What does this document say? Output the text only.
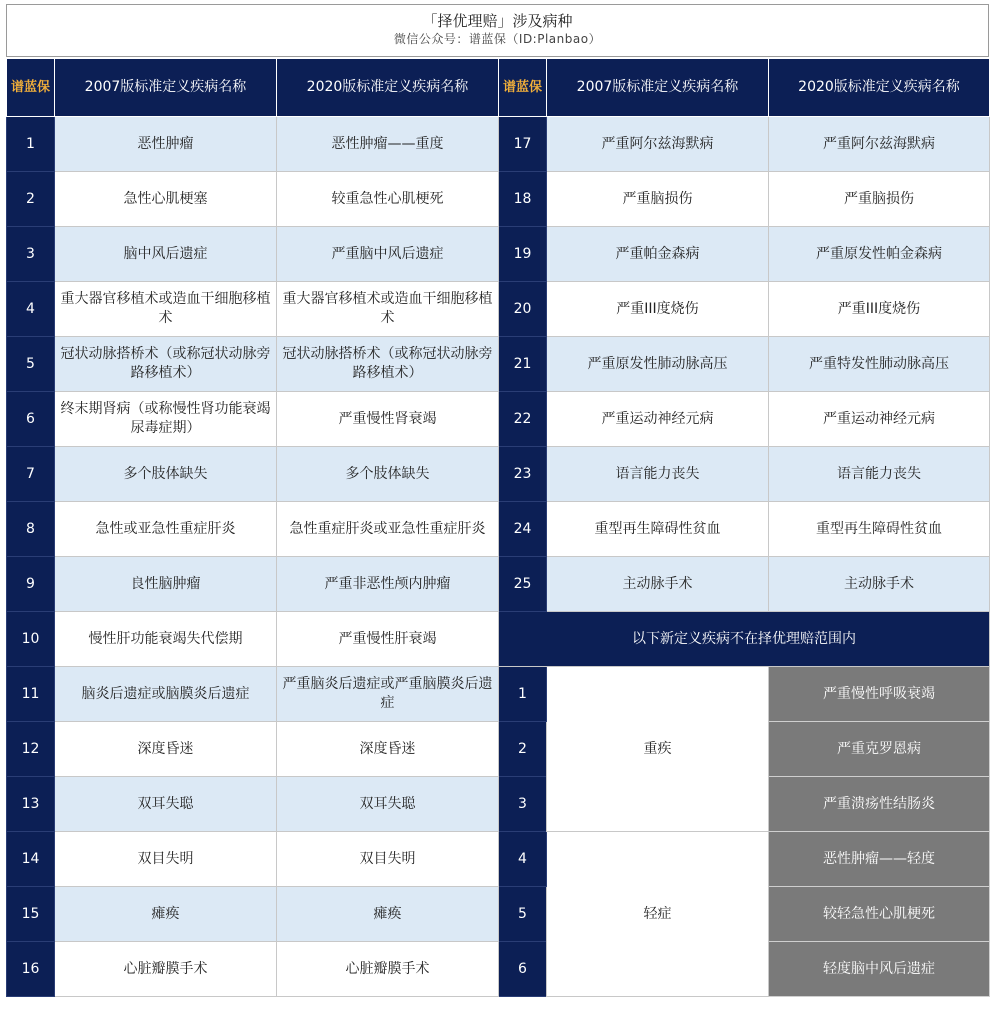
「择优理赔」涉及病种
微信公众号：谱蓝保（ID:Planbao）
谱蓝保	2007版标准定义疾病名称	2020版标准定义疾病名称	谱蓝保	2007版标准定义疾病名称	2020版标准定义疾病名称
1	恶性肿瘤	恶性肿瘤——重度	17	严重阿尔兹海默病	严重阿尔兹海默病
2	急性心肌梗塞	较重急性心肌梗死	18	严重脑损伤	严重脑损伤
3	脑中风后遗症	严重脑中风后遗症	19	严重帕金森病	严重原发性帕金森病
4	重大器官移植术或造血干细胞移植术	重大器官移植术或造血干细胞移植术	20	严重III度烧伤	严重III度烧伤
5	冠状动脉搭桥术（或称冠状动脉旁路移植术）	冠状动脉搭桥术（或称冠状动脉旁路移植术）	21	严重原发性肺动脉高压	严重特发性肺动脉高压
6	终末期肾病（或称慢性肾功能衰竭尿毒症期）	严重慢性肾衰竭	22	严重运动神经元病	严重运动神经元病
7	多个肢体缺失	多个肢体缺失	23	语言能力丧失	语言能力丧失
8	急性或亚急性重症肝炎	急性重症肝炎或亚急性重症肝炎	24	重型再生障碍性贫血	重型再生障碍性贫血
9	良性脑肿瘤	严重非恶性颅内肿瘤	25	主动脉手术	主动脉手术
10	慢性肝功能衰竭失代偿期	严重慢性肝衰竭	以下新定义疾病不在择优理赔范围内		
11	脑炎后遗症或脑膜炎后遗症	严重脑炎后遗症或严重脑膜炎后遗症	1	重疾	严重慢性呼吸衰竭
12	深度昏迷	深度昏迷	2		严重克罗恩病
13	双耳失聪	双耳失聪	3		严重溃疡性结肠炎
14	双目失明	双目失明	4	轻症	恶性肿瘤——轻度
15	瘫痪	瘫痪	5		较轻急性心肌梗死
16	心脏瓣膜手术	心脏瓣膜手术	6		轻度脑中风后遗症
